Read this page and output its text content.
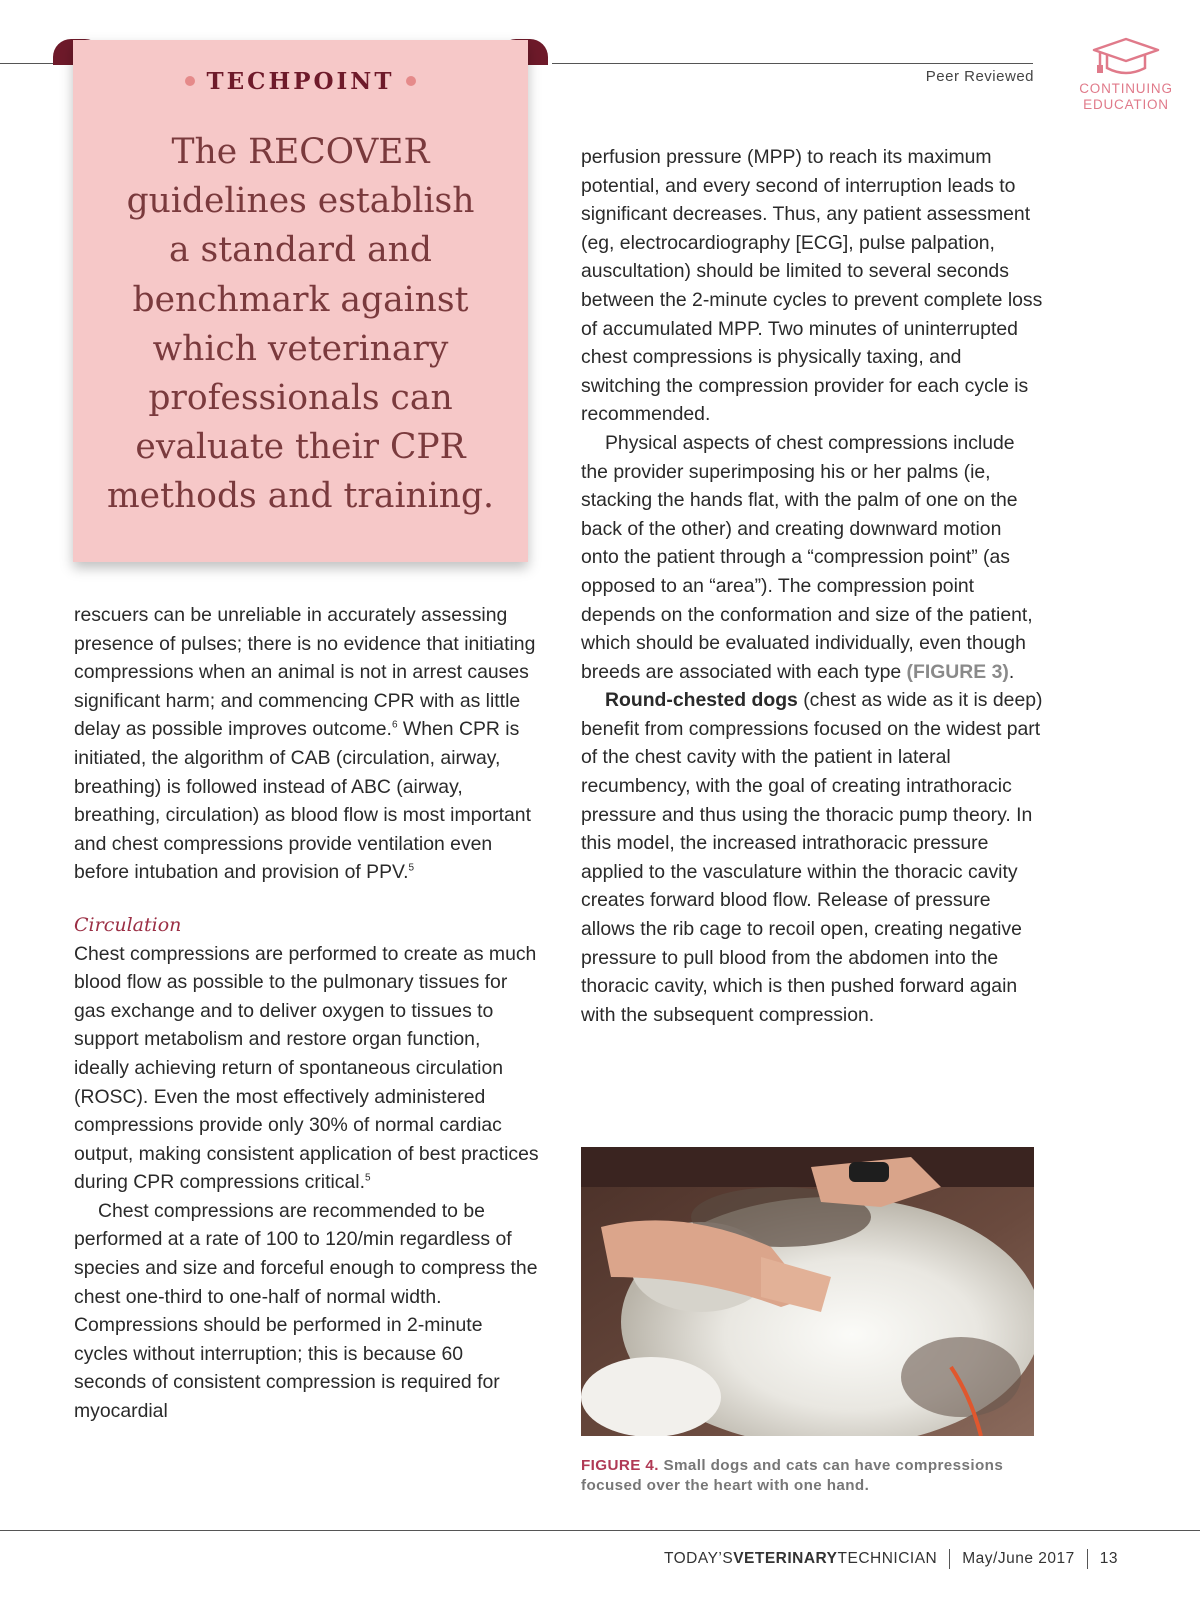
TECHPOINT
The RECOVER
guidelines establish
a standard and
benchmark against
which veterinary
professionals can
evaluate their CPR
methods and training.
Peer Reviewed
CONTINUING
EDUCATION

rescuers can be unreliable in accurately assessing presence of pulses; there is no evidence that initiating compressions when an animal is not in arrest causes significant harm; and commencing CPR with as little delay as possible improves outcome.$^6$ When CPR is initiated, the algorithm of CAB (circulation, airway, breathing) is followed instead of ABC (airway, breathing, circulation) as blood flow is most important and chest compressions provide ventilation even before intubation and provision of PPV.$^5$

Circulation

Chest compressions are performed to create as much blood flow as possible to the pulmonary tissues for gas exchange and to deliver oxygen to tissues to support metabolism and restore organ function, ideally achieving return of spontaneous circulation (ROSC). Even the most effectively administered compressions provide only 30% of normal cardiac output, making consistent application of best practices during CPR compressions critical.$^5$

Chest compressions are recommended to be performed at a rate of 100 to 120/min regardless of species and size and forceful enough to compress the chest one-third to one-half of normal width. Compressions should be performed in 2-minute cycles without interruption; this is because 60 seconds of consistent compression is required for myocardial

perfusion pressure (MPP) to reach its maximum potential, and every second of interruption leads to significant decreases. Thus, any patient assessment (eg, electrocardiography [ECG], pulse palpation, auscultation) should be limited to several seconds between the 2-minute cycles to prevent complete loss of accumulated MPP. Two minutes of uninterrupted chest compressions is physically taxing, and switching the compression provider for each cycle is recommended.

Physical aspects of chest compressions include the provider superimposing his or her palms (ie, stacking the hands flat, with the palm of one on the back of the other) and creating downward motion onto the patient through a “compression point” (as opposed to an “area”). The compression point depends on the conformation and size of the patient, which should be evaluated individually, even though breeds are associated with each type (FIGURE 3).

Round-chested dogs (chest as wide as it is deep) benefit from compressions focused on the widest part of the chest cavity with the patient in lateral recumbency, with the goal of creating intrathoracic pressure and thus using the thoracic pump theory. In this model, the increased intrathoracic pressure applied to the vasculature within the thoracic cavity creates forward blood flow. Release of pressure allows the rib cage to recoil open, creating negative pressure to pull blood from the abdomen into the thoracic cavity, which is then pushed forward again with the subsequent compression.

FIGURE 4. Small dogs and cats can have compressions focused over the heart with one hand.
TODAY’SVETERINARYTECHNICIAN May/June 2017 13
